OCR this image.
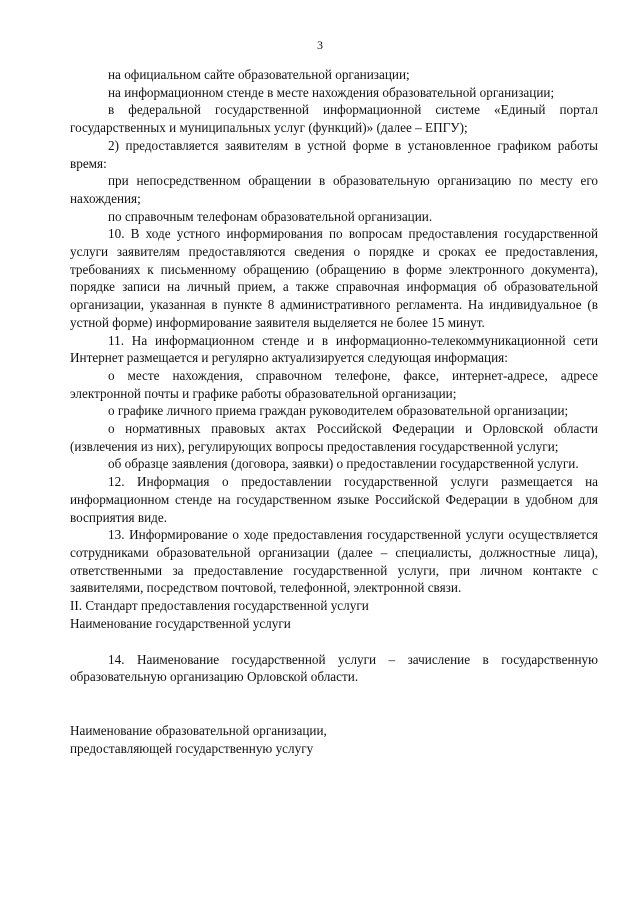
3

на официальном сайте образовательной организации;

на информационном стенде в месте нахождения образовательной организации;

в федеральной государственной информационной системе «Единый портал государственных и муниципальных услуг (функций)» (далее – ЕПГУ);

2) предоставляется заявителям в устной форме в установленное графиком работы время:

при непосредственном обращении в образовательную организацию по месту его нахождения;

по справочным телефонам образовательной организации.

10. В ходе устного информирования по вопросам предоставления государственной услуги заявителям предоставляются сведения о порядке и сроках ее предоставления, требованиях к письменному обращению (обращению в форме электронного документа), порядке записи на личный прием, а также справочная информация об образовательной организации, указанная в пункте 8 административного регламента. На индивидуальное (в устной форме) информирование заявителя выделяется не более 15 минут.

11. На информационном стенде и в информационно-телекоммуникационной сети Интернет размещается и регулярно актуализируется следующая информация:

о месте нахождения, справочном телефоне, факсе, интернет-адресе, адресе электронной почты и графике работы образовательной организации;

о графике личного приема граждан руководителем образовательной организации;

о нормативных правовых актах Российской Федерации и Орловской области (извлечения из них), регулирующих вопросы предоставления государственной услуги;

об образце заявления (договора, заявки) о предоставлении государственной услуги.

12. Информация о предоставлении государственной услуги размещается на информационном стенде на государственном языке Российской Федерации в удобном для восприятия виде.

13. Информирование о ходе предоставления государственной услуги осуществляется сотрудниками образовательной организации (далее – специалисты, должностные лица), ответственными за предоставление государственной услуги, при личном контакте с заявителями, посредством почтовой, телефонной, электронной связи.

II. Стандарт предоставления государственной услуги

Наименование государственной услуги

14. Наименование государственной услуги – зачисление в государственную образовательную организацию Орловской области.

Наименование образовательной организации,

предоставляющей государственную услугу
